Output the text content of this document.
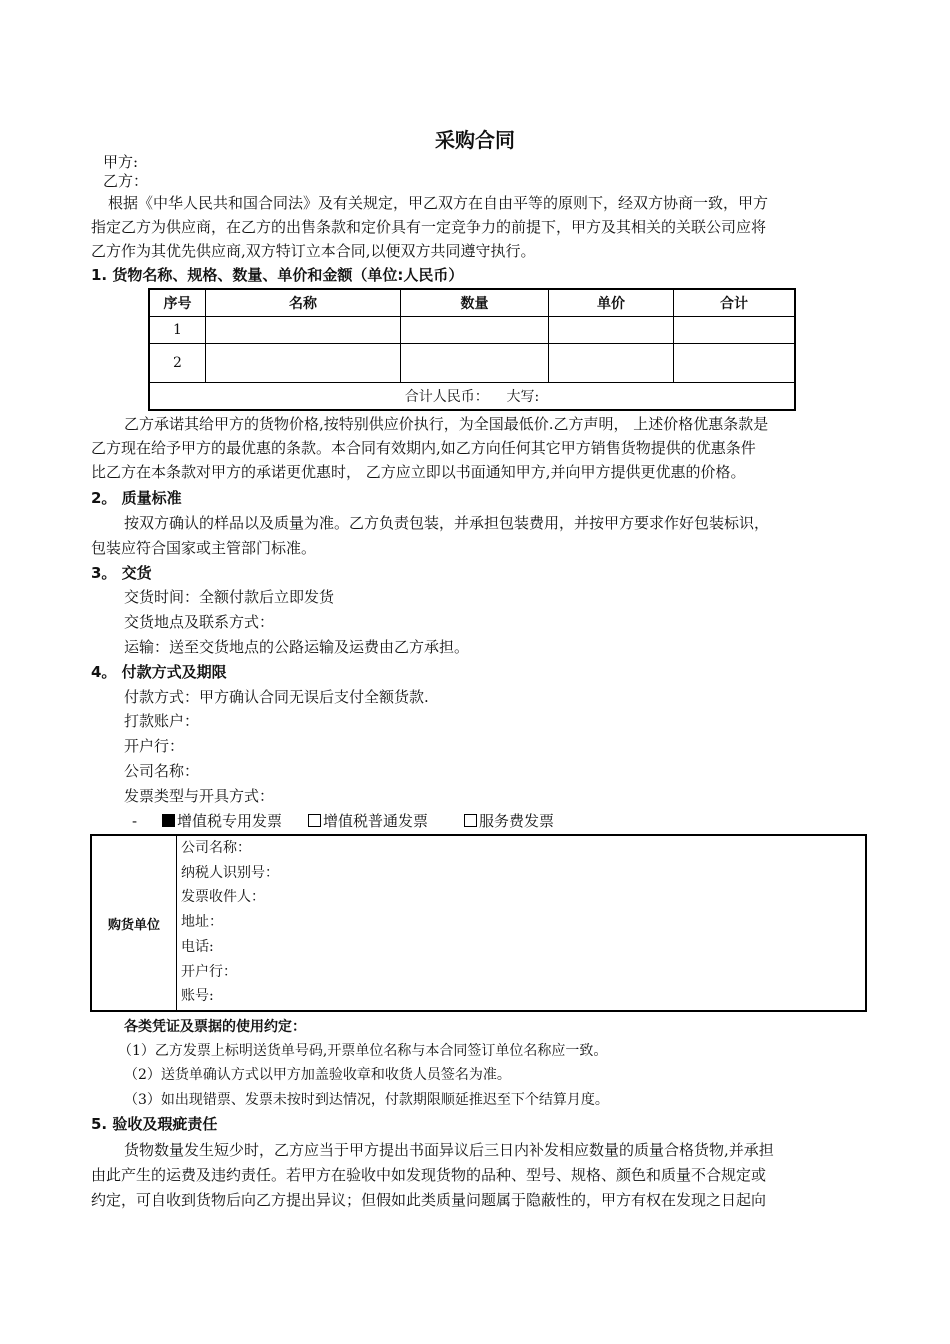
采购合同
甲方:
乙方：
根据《中华人民共和国合同法》及有关规定，甲乙双方在自由平等的原则下，经双方协商一致，甲方
指定乙方为供应商，在乙方的出售条款和定价具有一定竞争力的前提下，甲方及其相关的关联公司应将
乙方作为其优先供应商,双方特订立本合同,以便双方共同遵守执行。
1. 货物名称、规格、数量、单价和金额（单位:人民币）
序号	名称	数量	单价	合计
1				
2				
合计人民币：    大写:				
乙方承诺其给甲方的货物价格,按特别供应价执行，为全国最低价.乙方声明， 上述价格优惠条款是
乙方现在给予甲方的最优惠的条款。本合同有效期内,如乙方向任何其它甲方销售货物提供的优惠条件
比乙方在本条款对甲方的承诺更优惠时， 乙方应立即以书面通知甲方,并向甲方提供更优惠的价格。
2。 质量标准
按双方确认的样品以及质量为准。乙方负责包装，并承担包装费用，并按甲方要求作好包装标识，
包装应符合国家或主管部门标准。
3。 交货
交货时间：全额付款后立即发货
交货地点及联系方式：
运输：送至交货地点的公路运输及运费由乙方承担。
4。 付款方式及期限
付款方式：甲方确认合同无误后支付全额货款.
打款账户：
开户行：
公司名称：
发票类型与开具方式：
-	增值税专用发票	增值税普通发票	服务费发票
购货单位	
公司名称：
纳税人识别号：
发票收件人：
地址：
电话:
开户行：
账号:
各类凭证及票据的使用约定：
（1）乙方发票上标明送货单号码,开票单位名称与本合同签订单位名称应一致。
（2）送货单确认方式以甲方加盖验收章和收货人员签名为准。
（3）如出现错票、发票未按时到达情况，付款期限顺延推迟至下个结算月度。
5. 验收及瑕疵责任
货物数量发生短少时，乙方应当于甲方提出书面异议后三日内补发相应数量的质量合格货物,并承担
由此产生的运费及违约责任。若甲方在验收中如发现货物的品种、型号、规格、颜色和质量不合规定或
约定，可自收到货物后向乙方提出异议；但假如此类质量问题属于隐蔽性的，甲方有权在发现之日起向
